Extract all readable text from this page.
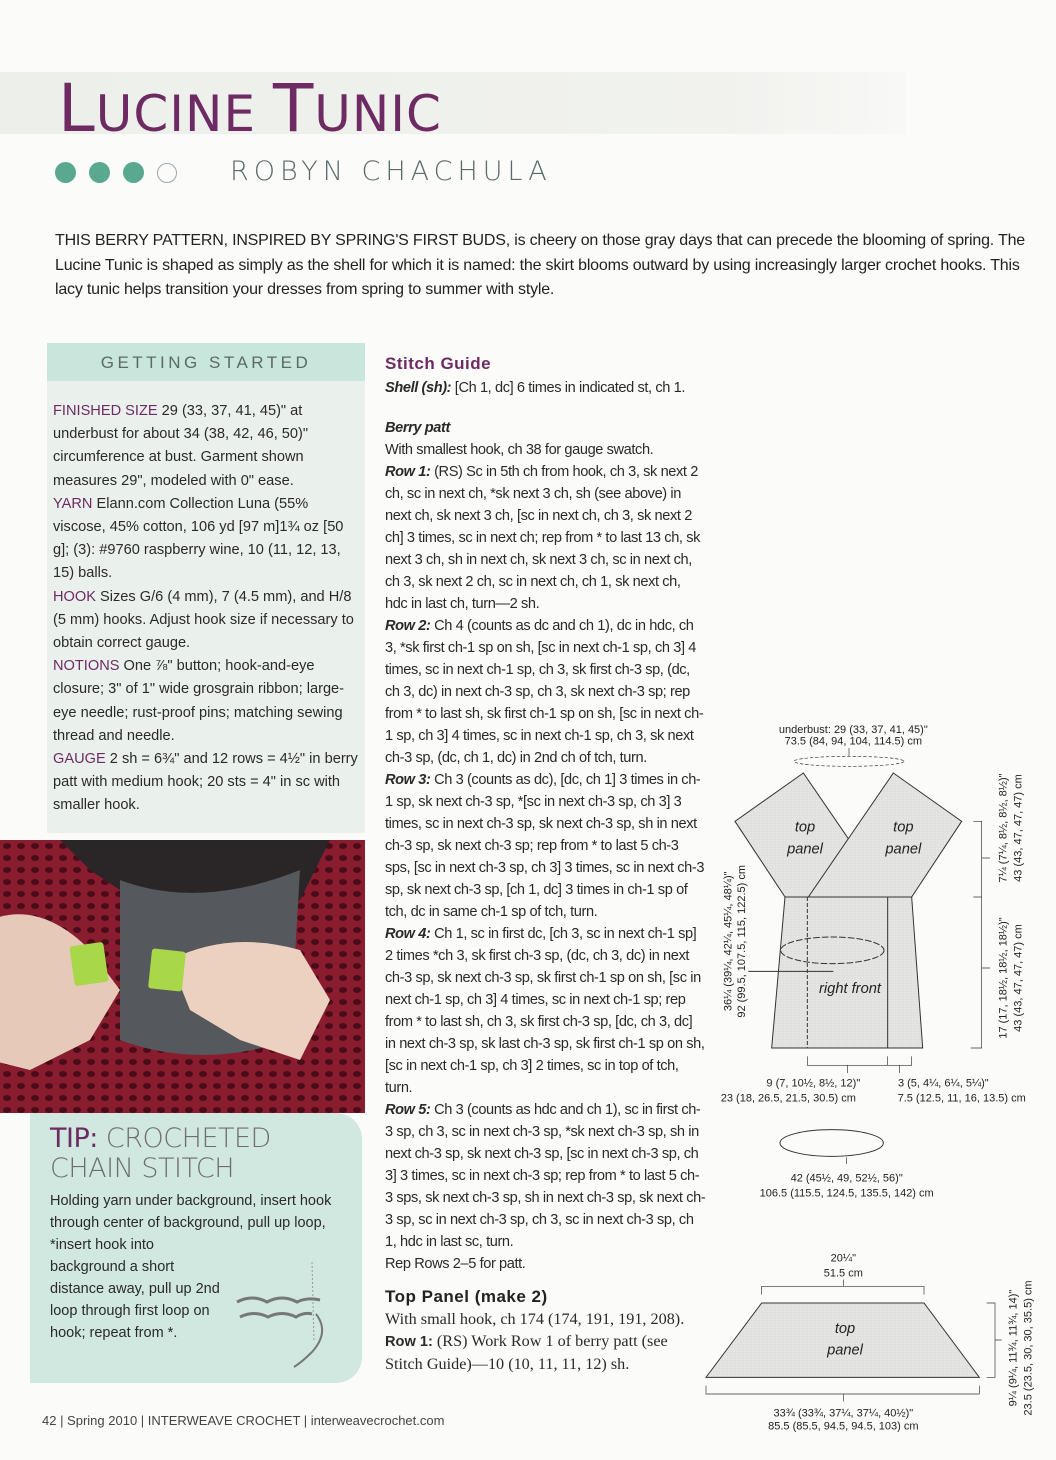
LUCINE TUNIC
ROBYN CHACHULA
THIS BERRY PATTERN, INSPIRED BY SPRING'S FIRST BUDS, is cheery on those gray days that can precede the blooming of spring. The Lucine Tunic is shaped as simply as the shell for which it is named: the skirt blooms outward by using increasingly larger crochet hooks. This lacy tunic helps transition your dresses from spring to summer with style.
GETTING STARTED

FINISHED SIZE 29 (33, 37, 41, 45)" at underbust for about 34 (38, 42, 46, 50)" circumference at bust. Garment shown measures 29", modeled with 0" ease.

YARN Elann.com Collection Luna (55% viscose, 45% cotton, 106 yd [97 m]1¾ oz [50 g]; (3): #9760 raspberry wine, 10 (11, 12, 13, 15) balls.

HOOK Sizes G/6 (4 mm), 7 (4.5 mm), and H/8 (5 mm) hooks. Adjust hook size if necessary to obtain correct gauge.

NOTIONS One ⅞" button; hook-and-eye closure; 3" of 1" wide grosgrain ribbon; large-eye needle; rust-proof pins; matching sewing thread and needle.

GAUGE 2 sh = 6¾" and 12 rows = 4½" in berry patt with medium hook; 20 sts = 4" in sc with smaller hook.

TIP: CROCHETED
CHAIN STITCH

Holding yarn under background, insert hook through center of background, pull up loop,

*insert hook into background a short distance away, pull up 2nd loop through first loop on hook; repeat from *.

Stitch Guide

Shell (sh): [Ch 1, dc] 6 times in indicated st, ch 1.

Berry patt

With smallest hook, ch 38 for gauge swatch.

Row 1: (RS) Sc in 5th ch from hook, ch 3, sk next 2 ch, sc in next ch, *sk next 3 ch, sh (see above) in next ch, sk next 3 ch, [sc in next ch, ch 3, sk next 2 ch] 3 times, sc in next ch; rep from * to last 13 ch, sk next 3 ch, sh in next ch, sk next 3 ch, sc in next ch, ch 3, sk next 2 ch, sc in next ch, ch 1, sk next ch, hdc in last ch, turn—2 sh.

Row 2: Ch 4 (counts as dc and ch 1), dc in hdc, ch 3, *sk first ch-1 sp on sh, [sc in next ch-1 sp, ch 3] 4 times, sc in next ch-1 sp, ch 3, sk first ch-3 sp, (dc, ch 3, dc) in next ch-3 sp, ch 3, sk next ch-3 sp; rep from * to last sh, sk first ch-1 sp on sh, [sc in next ch-1 sp, ch 3] 4 times, sc in next ch-1 sp, ch 3, sk next ch-3 sp, (dc, ch 1, dc) in 2nd ch of tch, turn.

Row 3: Ch 3 (counts as dc), [dc, ch 1] 3 times in ch-1 sp, sk next ch-3 sp, *[sc in next ch-3 sp, ch 3] 3 times, sc in next ch-3 sp, sk next ch-3 sp, sh in next ch-3 sp, sk next ch-3 sp; rep from * to last 5 ch-3 sps, [sc in next ch-3 sp, ch 3] 3 times, sc in next ch-3 sp, sk next ch-3 sp, [ch 1, dc] 3 times in ch-1 sp of tch, dc in same ch-1 sp of tch, turn.

Row 4: Ch 1, sc in first dc, [ch 3, sc in next ch-1 sp] 2 times *ch 3, sk first ch-3 sp, (dc, ch 3, dc) in next ch-3 sp, sk next ch-3 sp, sk first ch-1 sp on sh, [sc in next ch-1 sp, ch 3] 4 times, sc in next ch-1 sp; rep from * to last sh, ch 3, sk first ch-3 sp, [dc, ch 3, dc] in next ch-3 sp, sk last ch-3 sp, sk first ch-1 sp on sh, [sc in next ch-1 sp, ch 3] 2 times, sc in top of tch, turn.

Row 5: Ch 3 (counts as hdc and ch 1), sc in first ch-3 sp, ch 3, sc in next ch-3 sp, *sk next ch-3 sp, sh in next ch-3 sp, sk next ch-3 sp, [sc in next ch-3 sp, ch 3] 3 times, sc in next ch-3 sp; rep from * to last 5 ch-3 sps, sk next ch-3 sp, sh in next ch-3 sp, sk next ch-3 sp, sc in next ch-3 sp, ch 3, sc in next ch-3 sp, ch 1, hdc in last sc, turn.

Rep Rows 2–5 for patt.

Top Panel (make 2)

With small hook, ch 174 (174, 191, 191, 208).

Row 1: (RS) Work Row 1 of berry patt (see Stitch Guide)—10 (10, 11, 11, 12) sh.

underbust: 29 (33, 37, 41, 45)"
73.5 (84, 94, 104, 114.5) cm
top
panel
top
panel
right front
36¼ (39¼, 42¼, 45¼, 48¼)" 92 (99.5, 107.5, 115, 122.5) cm
7¼ (7¼, 8½, 8½, 8½)" 43 (43, 47, 47, 47) cm
17 (17, 18½, 18½, 18½)" 43 (43, 47, 47, 47) cm
9 (7, 10½, 8½, 12)"
23 (18, 26.5, 21.5, 30.5) cm
3 (5, 4¼, 6¼, 5¼)"
7.5 (12.5, 11, 16, 13.5) cm
42 (45½, 49, 52½, 56)"
106.5 (115.5, 124.5, 135.5, 142) cm
20¼"
51.5 cm
top
panel
33¾ (33¾, 37¼, 37¼, 40½)"
85.5 (85.5, 94.5, 94.5, 103) cm
9¼ (9¼, 11¾, 11¾, 14)" 23.5 (23.5, 30, 30, 35.5) cm
42 | Spring 2010 | INTERWEAVE CROCHET | interweavecrochet.com
